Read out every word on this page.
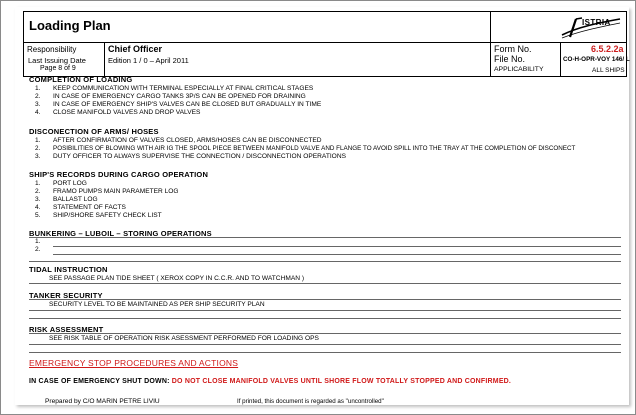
Loading Plan	ISTRIA
Responsibility
Last Issuing Date
Page 8 of 9
Chief Officer
Edition 1 / 0 – April 2011
Form No.
File No.
APPLICABILITY
6.5.2.2a
CO-H-OPR-VOY 146/ L
ALL SHIPS
COMPLETION OF LOADING
1. KEEP COMMUNICATION WITH TERMINAL ESPECIALLY AT FINAL CRITICAL STAGES
2. IN CASE OF EMERGENCY CARGO TANKS 3P/S CAN BE OPENED FOR DRAINING
3. IN CASE OF EMERGENCY SHIP'S VALVES CAN BE CLOSED BUT GRADUALLY IN TIME
4. CLOSE MANIFOLD VALVES AND DROP VALVES
DISCONECTION OF ARMS/ HOSES
1. AFTER CONFIRMATION OF VALVES CLOSED, ARMS/HOSES CAN BE DISCONNECTED
2. POSIBILITIES OF BLOWING WITH AIR IG THE SPOOL PIECE BETWEEN MANIFOLD VALVE AND FLANGE TO AVOID SPILL INTO THE TRAY AT THE COMPLETION OF DISCONECT
3. DUTY OFFICER TO ALWAYS SUPERVISE THE CONNECTION / DISCONNECTION OPERATIONS
SHIP'S RECORDS DURING CARGO OPERATION
1. PORT LOG
2. FRAMO PUMPS MAIN PARAMETER LOG
3. BALLAST LOG
4. STATEMENT OF FACTS
5. SHIP/SHORE SAFETY CHECK LIST
BUNKERING – LUBOIL – STORING OPERATIONS
1.
2.
TIDAL INSTRUCTION
SEE PASSAGE PLAN TIDE SHEET ( XEROX COPY IN C.C.R. AND TO WATCHMAN )
TANKER SECURITY
SECURITY LEVEL TO BE MAINTAINED AS PER SHIP SECURITY PLAN
RISK ASSESSMENT
SEE RISK TABLE OF OPERATION RISK ASESSMENT PERFORMED FOR LOADING OPS
EMERGENCY STOP PROCEDURES AND ACTIONS
IN CASE OF EMERGENCY SHUT DOWN: DO NOT CLOSE MANIFOLD VALVES UNTIL SHORE FLOW TOTALLY STOPPED AND CONFIRMED.
Prepared by C/O MARIN PETRE LIVIU	If printed, this document is regarded as "uncontrolled"
